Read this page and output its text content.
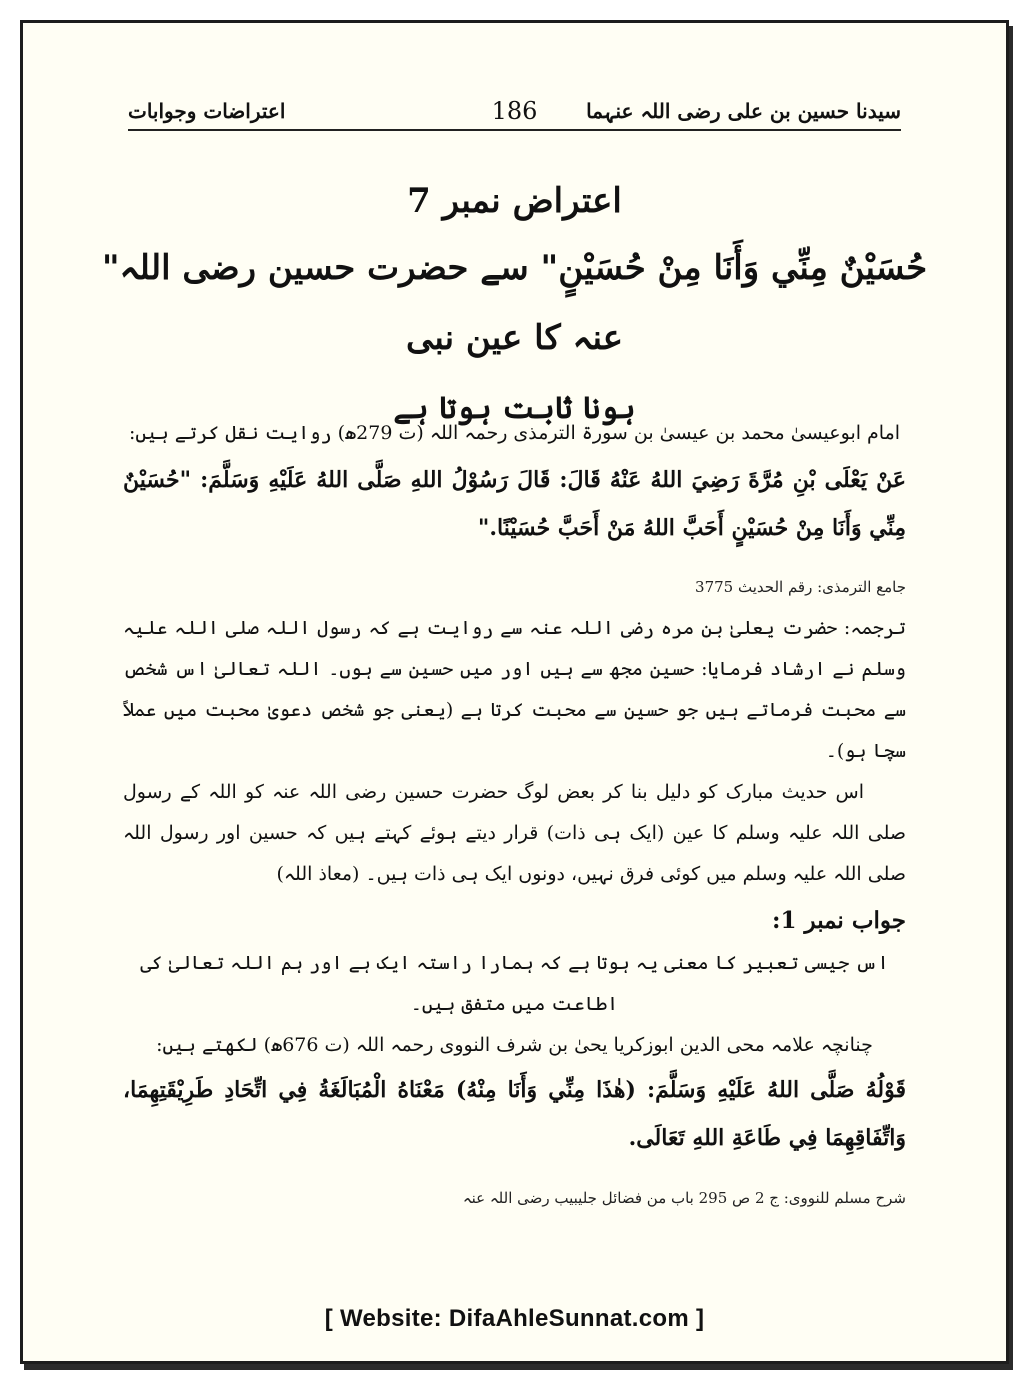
اعتراضات وجوابات	186 سیدنا حسین بن علی رضی اللہ عنہما
اعتراض نمبر 7
"حُسَيْنٌ مِنِّي وَأَنَا مِنْ حُسَيْنٍ" سے حضرت حسین رضی اللہ عنہ کا عین نبی
ہونا ثابت ہوتا ہے

امام ابوعیسیٰ محمد بن عیسیٰ بن سورۃ الترمذی رحمہ اللہ (ت 279ھ) روایت نقل کرتے ہیں:

عَنْ يَعْلَى بْنِ مُرَّةَ رَضِيَ اللهُ عَنْهُ قَالَ: قَالَ رَسُوْلُ اللهِ صَلَّى اللهُ عَلَيْهِ وَسَلَّمَ: "حُسَيْنٌ مِنِّي وَأَنَا مِنْ حُسَيْنٍ أَحَبَّ اللهُ مَنْ أَحَبَّ حُسَيْنًا."

جامع الترمذی: رقم الحدیث 3775

ترجمہ: حضرت یعلیٰ بن مرہ رضی اللہ عنہ سے روایت ہے کہ رسول اللہ صلی اللہ علیہ وسلم نے ارشاد فرمایا: حسین مجھ سے ہیں اور میں حسین سے ہوں۔ اللہ تعالیٰ اس شخص سے محبت فرماتے ہیں جو حسین سے محبت کرتا ہے (یعنی جو شخص دعویٰ محبت میں عملاً سچا ہو)۔

اس حدیث مبارک کو دلیل بنا کر بعض لوگ حضرت حسین رضی اللہ عنہ کو اللہ کے رسول صلی اللہ علیہ وسلم کا عین (ایک ہی ذات) قرار دیتے ہوئے کہتے ہیں کہ حسین اور رسول اللہ صلی اللہ علیہ وسلم میں کوئی فرق نہیں، دونوں ایک ہی ذات ہیں۔ (معاذ اللہ)

جواب نمبر 1:

اس جیسی تعبیر کا معنی یہ ہوتا ہے کہ ہمارا راستہ ایک ہے اور ہم اللہ تعالیٰ کی اطاعت میں متفق ہیں۔

چنانچہ علامہ محی الدین ابوزکریا یحیٰ بن شرف النووی رحمہ اللہ (ت 676ھ) لکھتے ہیں:

قَوْلُهُ صَلَّى اللهُ عَلَيْهِ وَسَلَّمَ: (هٰذَا مِنِّي وَأَنَا مِنْهُ) مَعْنَاهُ الْمُبَالَغَةُ فِي اتِّحَادِ طَرِيْقَتِهِمَا، وَاتِّفَاقِهِمَا فِي طَاعَةِ اللهِ تَعَالَى.

شرح مسلم للنووی: ج 2 ص 295 باب من فضائل جلیبیب رضی اللہ عنہ

[ Website: DifaAhleSunnat.com ]
